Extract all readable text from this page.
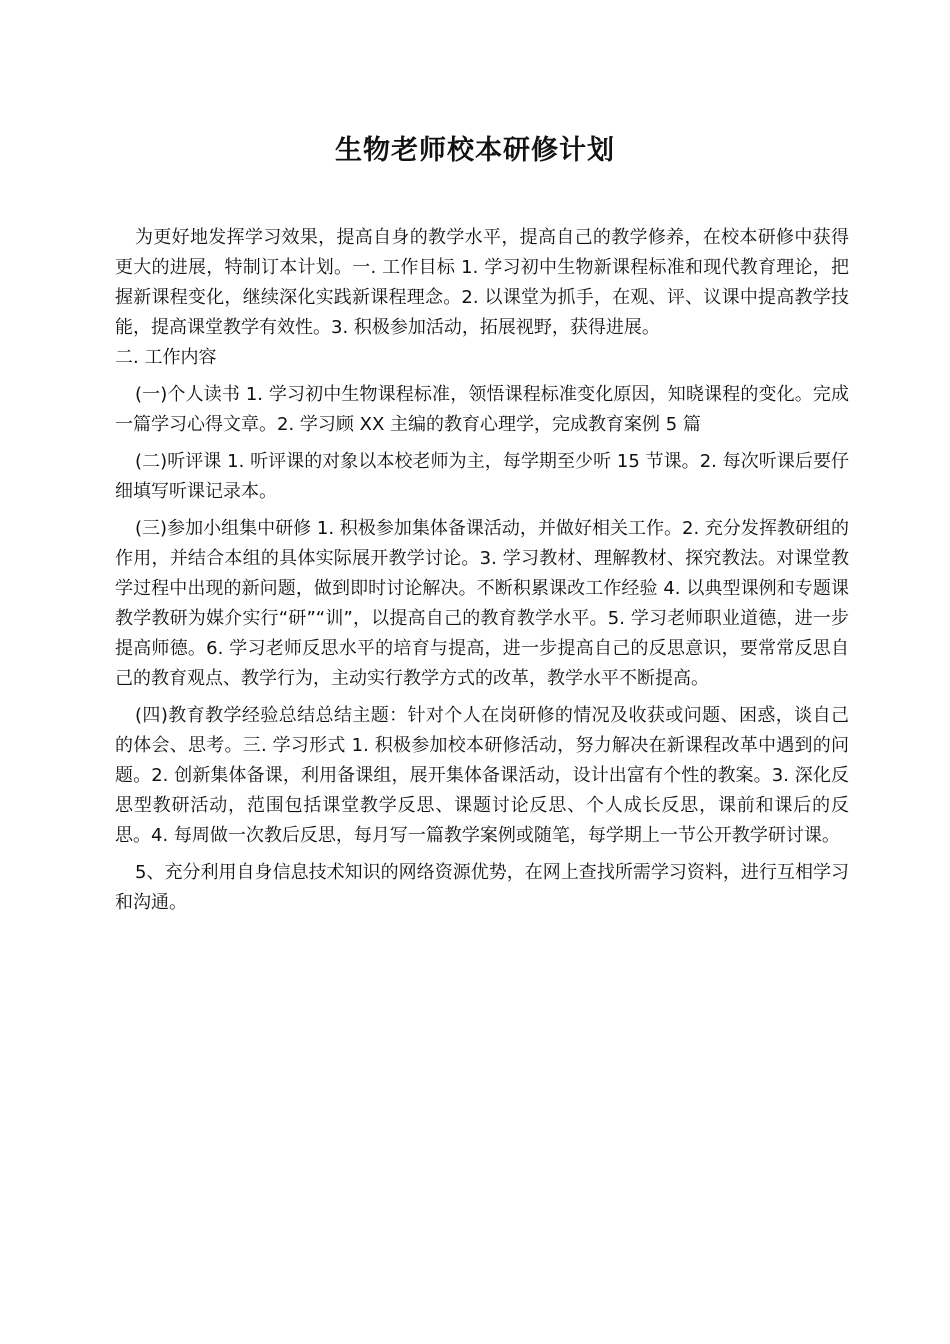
生物老师校本研修计划

为更好地发挥学习效果，提高自身的教学水平，提高自己的教学修养，在校本研修中获得更大的进展，特制订本计划。一. 工作目标 1. 学习初中生物新课程标准和现代教育理论，把握新课程变化，继续深化实践新课程理念。2. 以课堂为抓手，在观、评、议课中提高教学技能，提高课堂教学有效性。3. 积极参加活动，拓展视野，获得进展。

二. 工作内容

(一)个人读书 1. 学习初中生物课程标准，领悟课程标准变化原因，知晓课程的变化。完成一篇学习心得文章。2. 学习顾 XX 主编的教育心理学，完成教育案例 5 篇

(二)听评课 1. 听评课的对象以本校老师为主，每学期至少听 15 节课。2. 每次听课后要仔细填写听课记录本。

(三)参加小组集中研修 1. 积极参加集体备课活动，并做好相关工作。2. 充分发挥教研组的作用，并结合本组的具体实际展开教学讨论。3. 学习教材、理解教材、探究教法。对课堂教学过程中出现的新问题，做到即时讨论解决。不断积累课改工作经验 4. 以典型课例和专题课教学教研为媒介实行“研”“训”，以提高自己的教育教学水平。5. 学习老师职业道德，进一步提高师德。6. 学习老师反思水平的培育与提高，进一步提高自己的反思意识，要常常反思自己的教育观点、教学行为，主动实行教学方式的改革，教学水平不断提高。

(四)教育教学经验总结总结主题：针对个人在岗研修的情况及收获或问题、困惑，谈自己的体会、思考。三. 学习形式 1. 积极参加校本研修活动，努力解决在新课程改革中遇到的问题。2. 创新集体备课，利用备课组，展开集体备课活动，设计出富有个性的教案。3. 深化反思型教研活动，范围包括课堂教学反思、课题讨论反思、个人成长反思，课前和课后的反思。4. 每周做一次教后反思，每月写一篇教学案例或随笔，每学期上一节公开教学研讨课。

5、充分利用自身信息技术知识的网络资源优势，在网上查找所需学习资料，进行互相学习和沟通。
